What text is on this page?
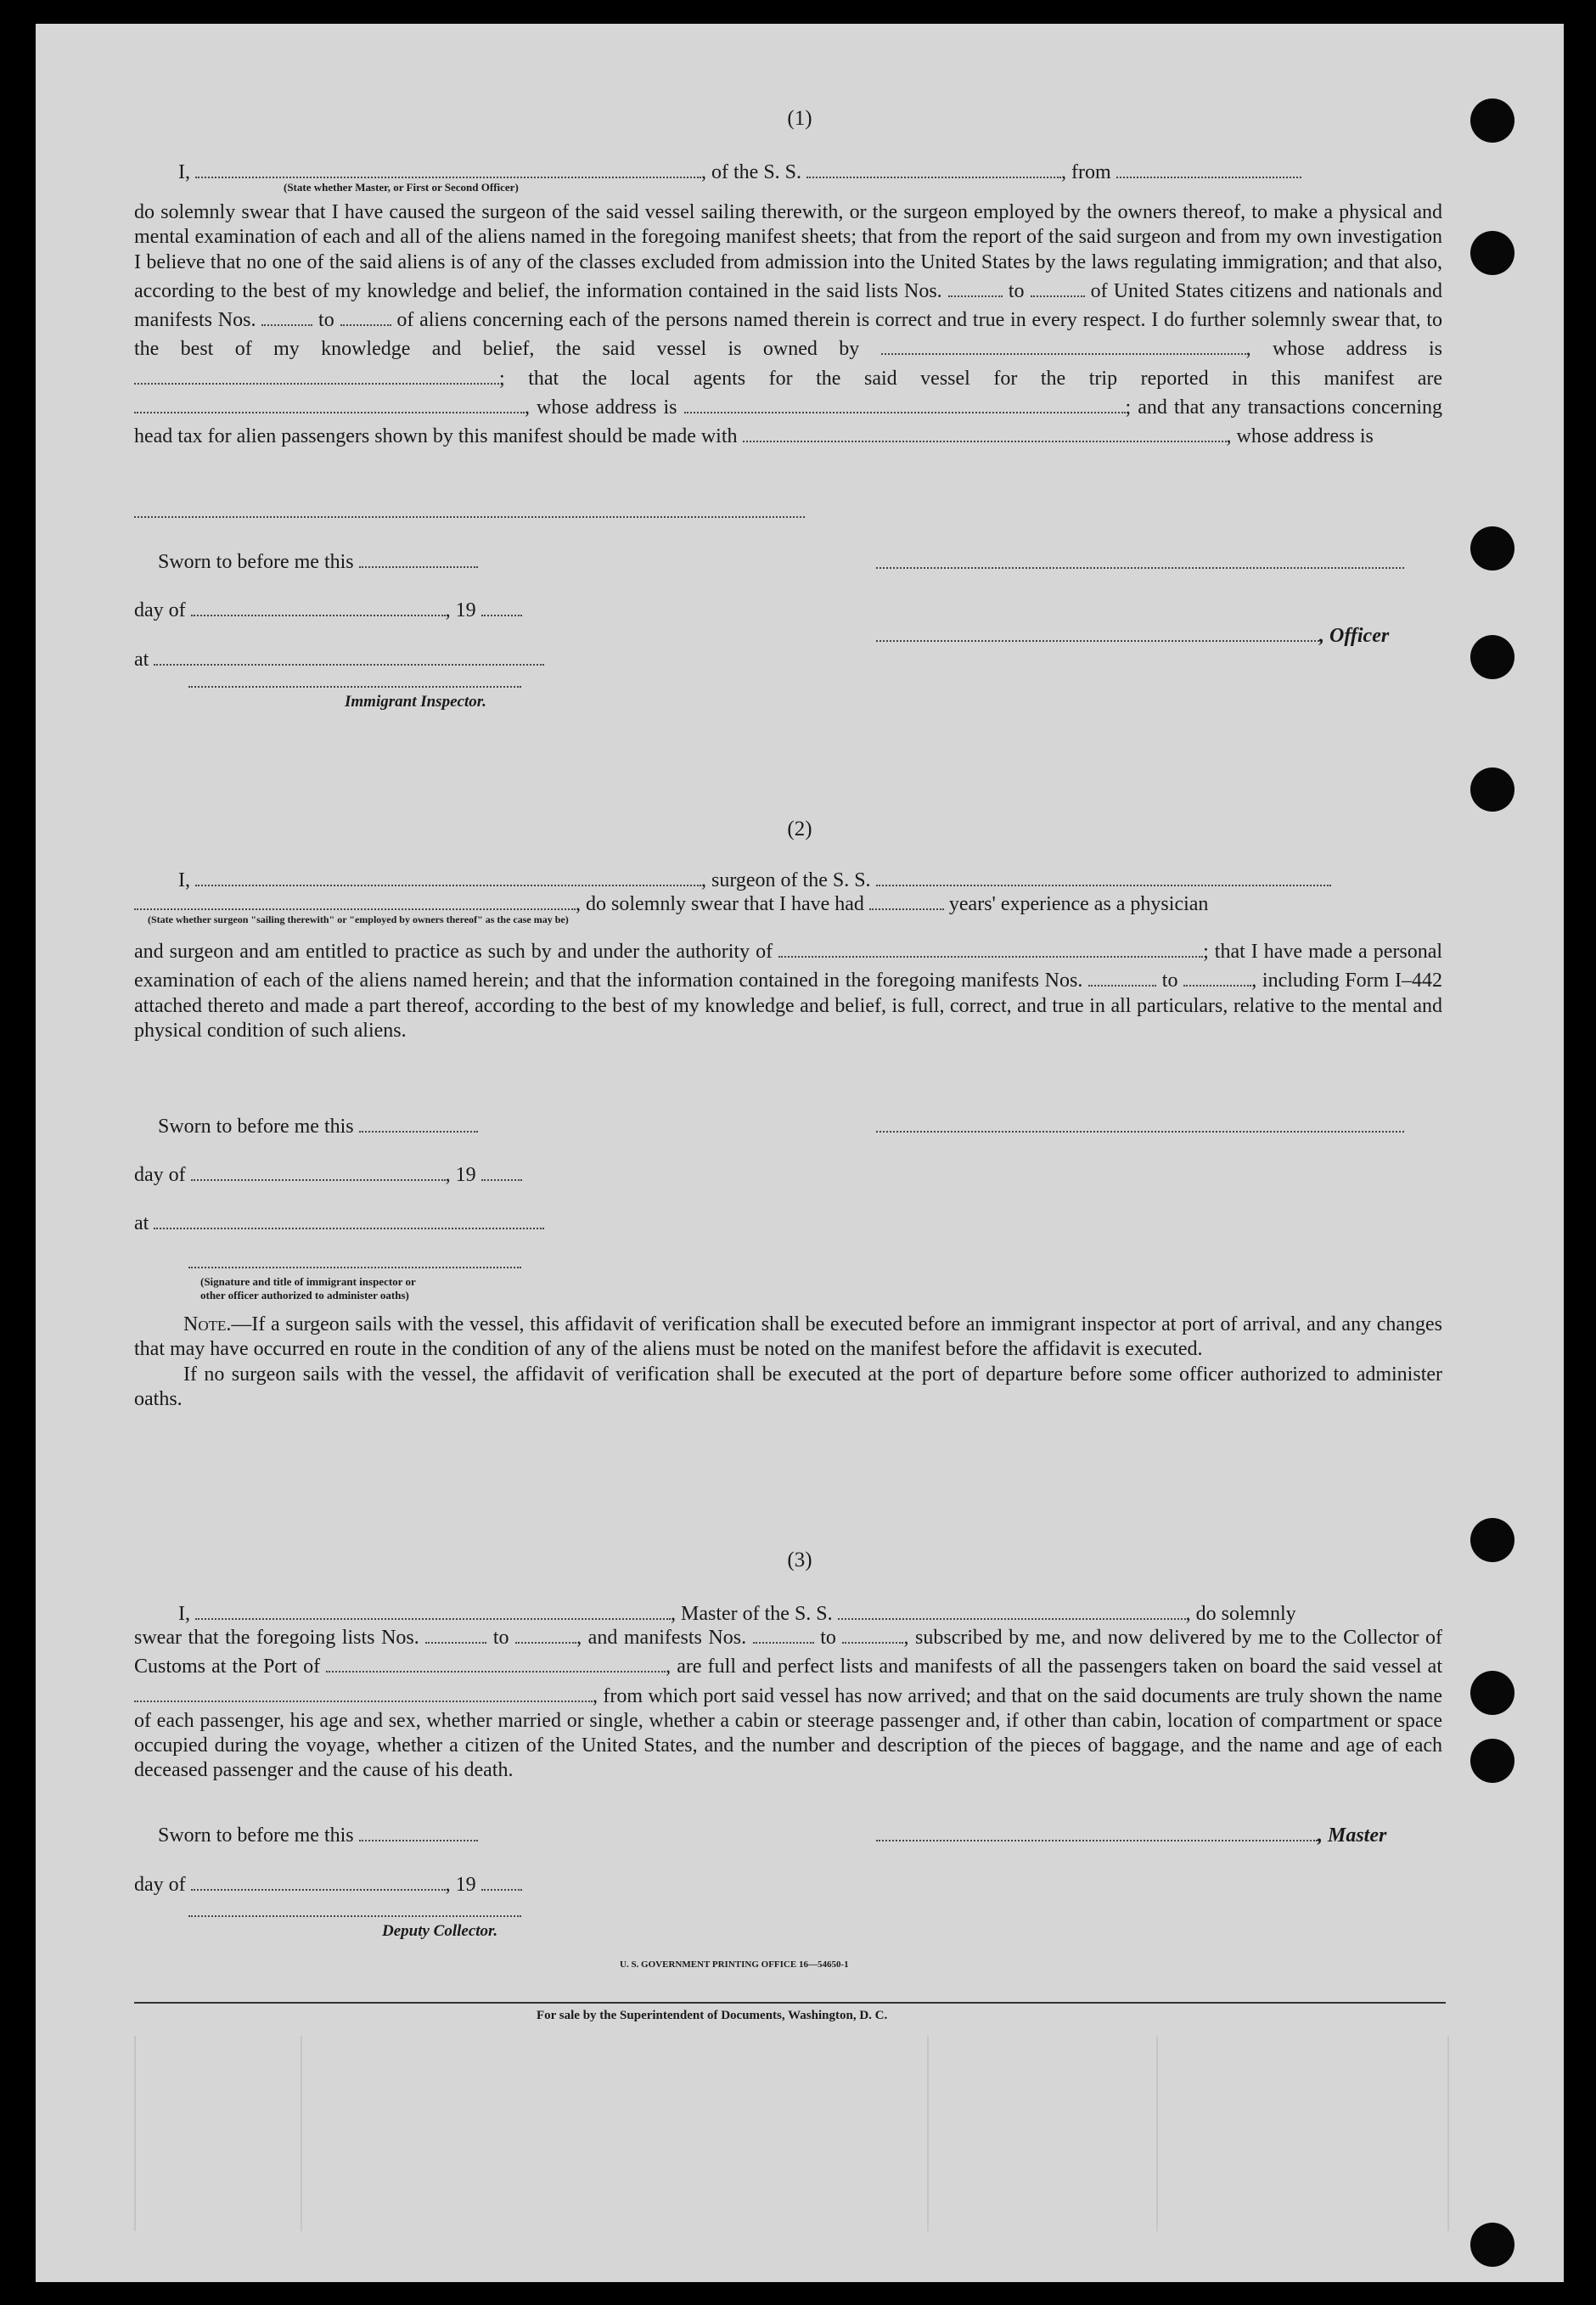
(1)
I,	, of the S. S.	, from
(State whether Master, or First or Second Officer)
do solemnly swear that I have caused the surgeon of the said vessel sailing therewith, or the surgeon employed by the owners thereof, to make a physical and mental examination of each and all of the aliens named in the foregoing manifest sheets; that from the report of the said surgeon and from my own investigation I believe that no one of the said aliens is of any of the classes excluded from admission into the United States by the laws regulating immigration; and that also, according to the best of my knowledge and belief, the information contained in the said lists Nos.	to	of United States citizens and nationals and manifests Nos.	to	of aliens concerning each of the persons named therein is correct and true in every respect. I do further solemnly swear that, to the best of my knowledge and belief, the said vessel is owned by	, whose address is ; that the local agents for the said vessel for the trip reported in this manifest are , whose address is	; and that any transactions concerning head tax for alien passengers shown by this manifest should be made with	, whose address is
Sworn to before me this
day of	, 19
, Officer
at
Immigrant Inspector.
(2)
I,	, surgeon of the S. S.
, do solemnly swear that I have had	years' experience as a physician
(State whether surgeon "sailing therewith" or "employed by owners thereof" as the case may be)
and surgeon and am entitled to practice as such by and under the authority of	; that I have made a personal examination of each of the aliens named herein; and that the information contained in the foregoing manifests Nos.	to	, including Form I–442 attached thereto and made a part thereof, according to the best of my knowledge and belief, is full, correct, and true in all particulars, relative to the mental and physical condition of such aliens.
Sworn to before me this
day of	, 19
at
(Signature and title of immigrant inspector or
other officer authorized to administer oaths)
Note.—If a surgeon sails with the vessel, this affidavit of verification shall be executed before an immigrant inspector at port of arrival, and any changes that may have occurred en route in the condition of any of the aliens must be noted on the manifest before the affidavit is executed.
If no surgeon sails with the vessel, the affidavit of verification shall be executed at the port of departure before some officer authorized to administer oaths.
(3)
I,	, Master of the S. S.	, do solemnly
swear that the foregoing lists Nos.	to	, and manifests Nos.	to	, subscribed by me, and now delivered by me to the Collector of Customs at the Port of	, are full and perfect lists and manifests of all the passengers taken on board the said vessel at , from which port said vessel has now arrived; and that on the said documents are truly shown the name of each passenger, his age and sex, whether married or single, whether a cabin or steerage passenger and, if other than cabin, location of compartment or space occupied during the voyage, whether a citizen of the United States, and the number and description of the pieces of baggage, and the name and age of each deceased passenger and the cause of his death.
Sworn to before me this	, Master
day of	, 19
Deputy Collector.
U. S. GOVERNMENT PRINTING OFFICE 16—54650-1
For sale by the Superintendent of Documents, Washington, D. C.
